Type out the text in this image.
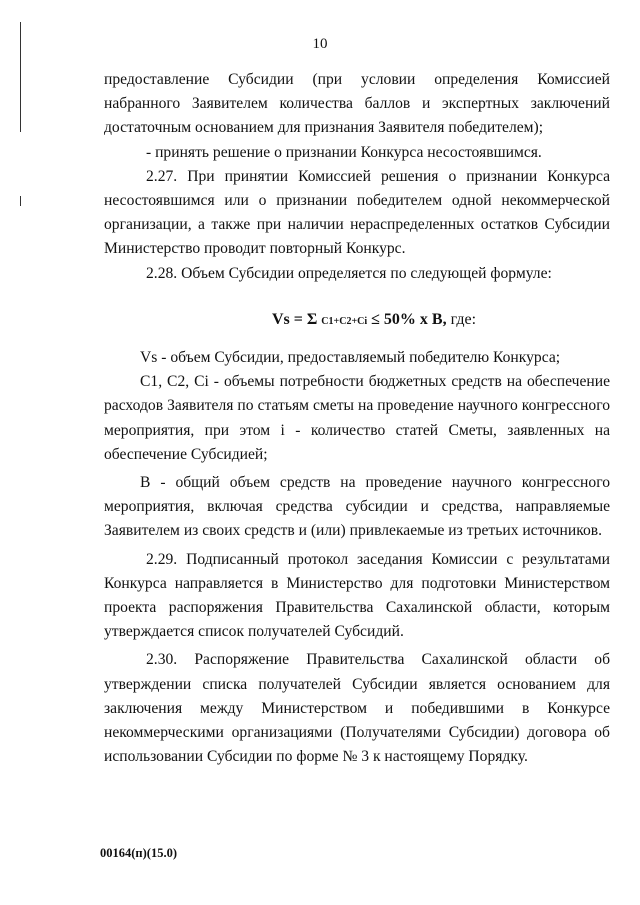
10

предоставление Субсидии (при условии определения Комиссией набранного Заявителем количества баллов и экспертных заключений достаточным основанием для признания Заявителя победителем);

- принять решение о признании Конкурса несостоявшимся.

2.27. При принятии Комиссией решения о признании Конкурса несостоявшимся или о признании победителем одной некоммерческой организации, а также при наличии нераспределенных остатков Субсидии Министерство проводит повторный Конкурс.

2.28. Объем Субсидии определяется по следующей формуле:

Vs = Σ C1+C2+Ci ≤ 50% x B, где:

Vs - объем Субсидии, предоставляемый победителю Конкурса;

С1, С2, Сi - объемы потребности бюджетных средств на обеспечение расходов Заявителя по статьям сметы на проведение научного конгрессного мероприятия, при этом i - количество статей Сметы, заявленных на обеспечение Субсидией;

В - общий объем средств на проведение научного конгрессного мероприятия, включая средства субсидии и средства, направляемые Заявителем из своих средств и (или) привлекаемые из третьих источников.

2.29. Подписанный протокол заседания Комиссии с результатами Конкурса направляется в Министерство для подготовки Министерством проекта распоряжения Правительства Сахалинской области, которым утверждается список получателей Субсидий.

2.30. Распоряжение Правительства Сахалинской области об утверждении списка получателей Субсидии является основанием для заключения между Министерством и победившими в Конкурсе некоммерческими организациями (Получателями Субсидии) договора об использовании Субсидии по форме № 3 к настоящему Порядку.

00164(п)(15.0)
